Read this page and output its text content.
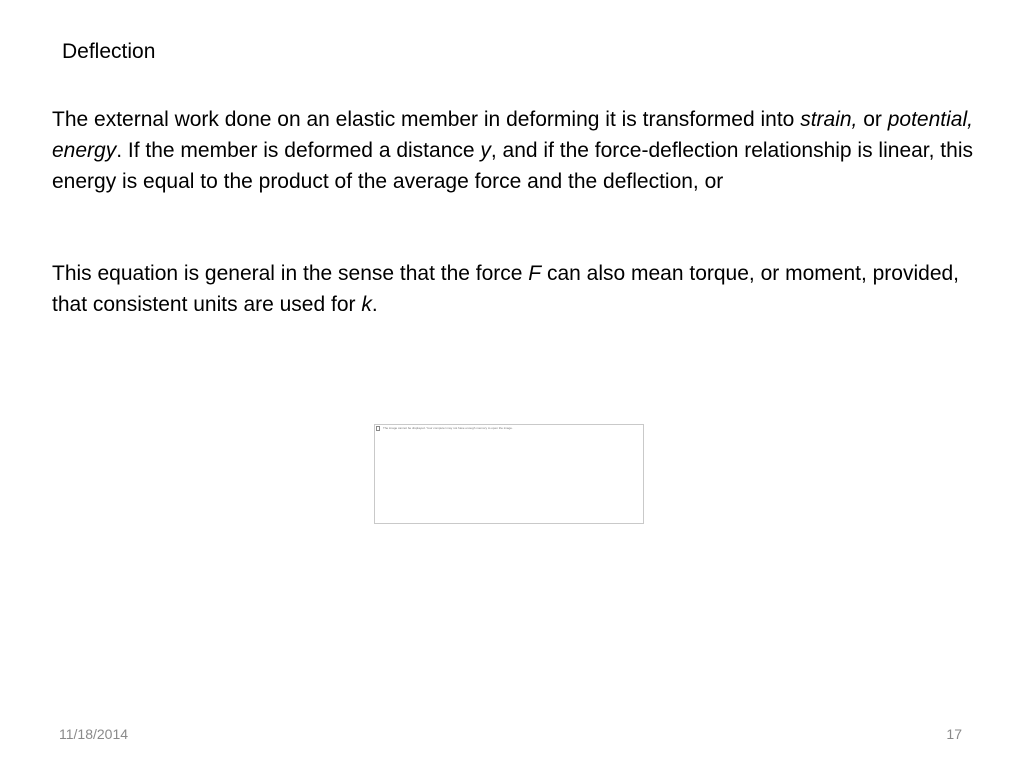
Deflection

The external work done on an elastic member in deforming it is transformed into strain, or potential, energy. If the member is deformed a distance y, and if the force-deflection relationship is linear, this energy is equal to the product of the average force and the deflection, or

This equation is general in the sense that the force F can also mean torque, or moment, provided, that consistent units are used for k.

The image cannot be displayed. Your computer may not have enough memory to open the image.
11/18/2014	17
